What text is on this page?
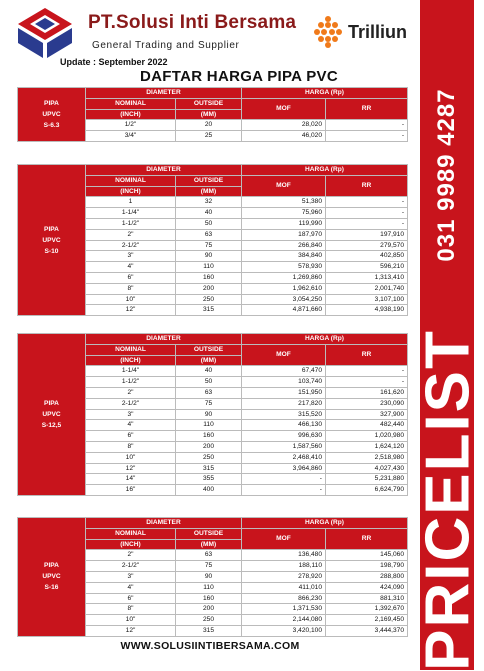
PT.Solusi Inti Bersama
General Trading and Supplier
Update : September 2022
Trilliun
DAFTAR HARGA PIPA PVC
031 9989 4287
PRICELIST
PIPA
UPVC
S-6.3	DIAMETER		HARGA (Rp)	
	NOMINAL	OUTSIDE	MOF	RR
	(INCH)	(MM)		
	1/2"	20	28,020	-
	3/4"	25	46,020	-
PIPA
UPVC
S-10	DIAMETER		HARGA (Rp)	
	NOMINAL	OUTSIDE	MOF	RR
	(INCH)	(MM)		
	1	32	51,380	-
	1-1/4"	40	75,960	-
	1-1/2"	50	119,990	-
	2"	63	187,970	197,910
	2-1/2"	75	266,840	279,570
	3"	90	384,840	402,850
	4"	110	578,930	596,210
	6"	160	1,269,860	1,313,410
	8"	200	1,962,610	2,001,740
	10"	250	3,054,250	3,107,100
	12"	315	4,871,660	4,938,190
PIPA
UPVC
S-12,5	DIAMETER		HARGA (Rp)	
	NOMINAL	OUTSIDE	MOF	RR
	(INCH)	(MM)		
	1-1/4"	40	67,470	-
	1-1/2"	50	103,740	-
	2"	63	151,950	161,620
	2-1/2"	75	217,820	230,090
	3"	90	315,520	327,900
	4"	110	466,130	482,440
	6"	160	996,630	1,020,980
	8"	200	1,587,560	1,624,120
	10"	250	2,468,410	2,518,980
	12"	315	3,964,860	4,027,430
	14"	355	-	5,231,880
	16"	400	-	6,624,790
PIPA
UPVC
S-16	DIAMETER		HARGA (Rp)	
	NOMINAL	OUTSIDE	MOF	RR
	(INCH)	(MM)		
	2"	63	136,480	145,060
	2-1/2"	75	188,110	198,790
	3"	90	278,920	288,800
	4"	110	411,010	424,090
	6"	160	866,230	881,310
	8"	200	1,371,530	1,392,670
	10"	250	2,144,080	2,169,450
	12"	315	3,420,100	3,444,370
WWW.SOLUSIINTIBERSAMA.COM
